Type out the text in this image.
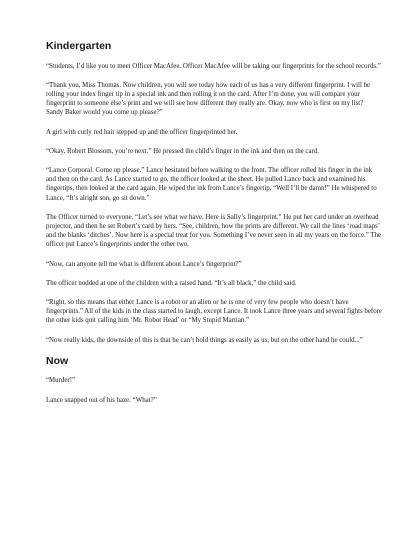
Kindergarten

“Students, I’d like you to meet Officer MacAfee. Officer MacAfee will be taking our fingerprints for the school records.”

“Thank you, Miss Thomas. Now children, you will see today how each of us has a very different fingerprint. I will be rolling your index finger tip in a special ink and then rolling it on the card. After I’m done, you will compare your fingerprint to someone else’s print and we will see how different they really are. Okay, now who is first on my list? Sandy Baker would you come up please?”

A girl with curly red hair stepped up and the officer fingerprinted her.

“Okay, Robert Blossom, you’re next.” He pressed the child’s finger in the ink and then on the card.

“Lance Corporal. Come up please.” Lance hesitated before walking to the front. The officer rolled his finger in the ink and then on the card. As Lance started to go, the officer looked at the sheet. He pulled Lance back and examined his fingertips, then looked at the card again. He wiped the ink from Lance’s fingertip, “Well I’ll be damn!” He whispered to Lance, “It’s alright son, go sit down.”

The Officer turned to everyone. “Let’s see what we have. Here is Sally’s fingerprint.” He put her card under an overhead projector, and then he set Robert’s card by hers. “See, children, how the prints are different. We call the lines ‘road maps’ and the blanks ‘ditches’. Now here is a special treat for you. Something I’ve never seen in all my years on the force.” The officer put Lance’s fingerprints under the other two.

“Now, can anyone tell me what is different about Lance’s fingerprint?”

The officer nodded at one of the children with a raised hand. “It’s all black,” the child said.

“Right, so this means that either Lance is a robot or an alien or he is one of very few people who doesn’t have fingerprints.” All of the kids in the class started to laugh, except Lance. It took Lance three years and several fights before the other kids quit calling him ‘Mr. Robot Head’ or “My Stupid Martian.”

“Now really kids, the downside of this is that he can’t hold things as easily as us, but on the other hand he could...”

Now

“Murder!”

Lance snapped out of his haze. “What?”
